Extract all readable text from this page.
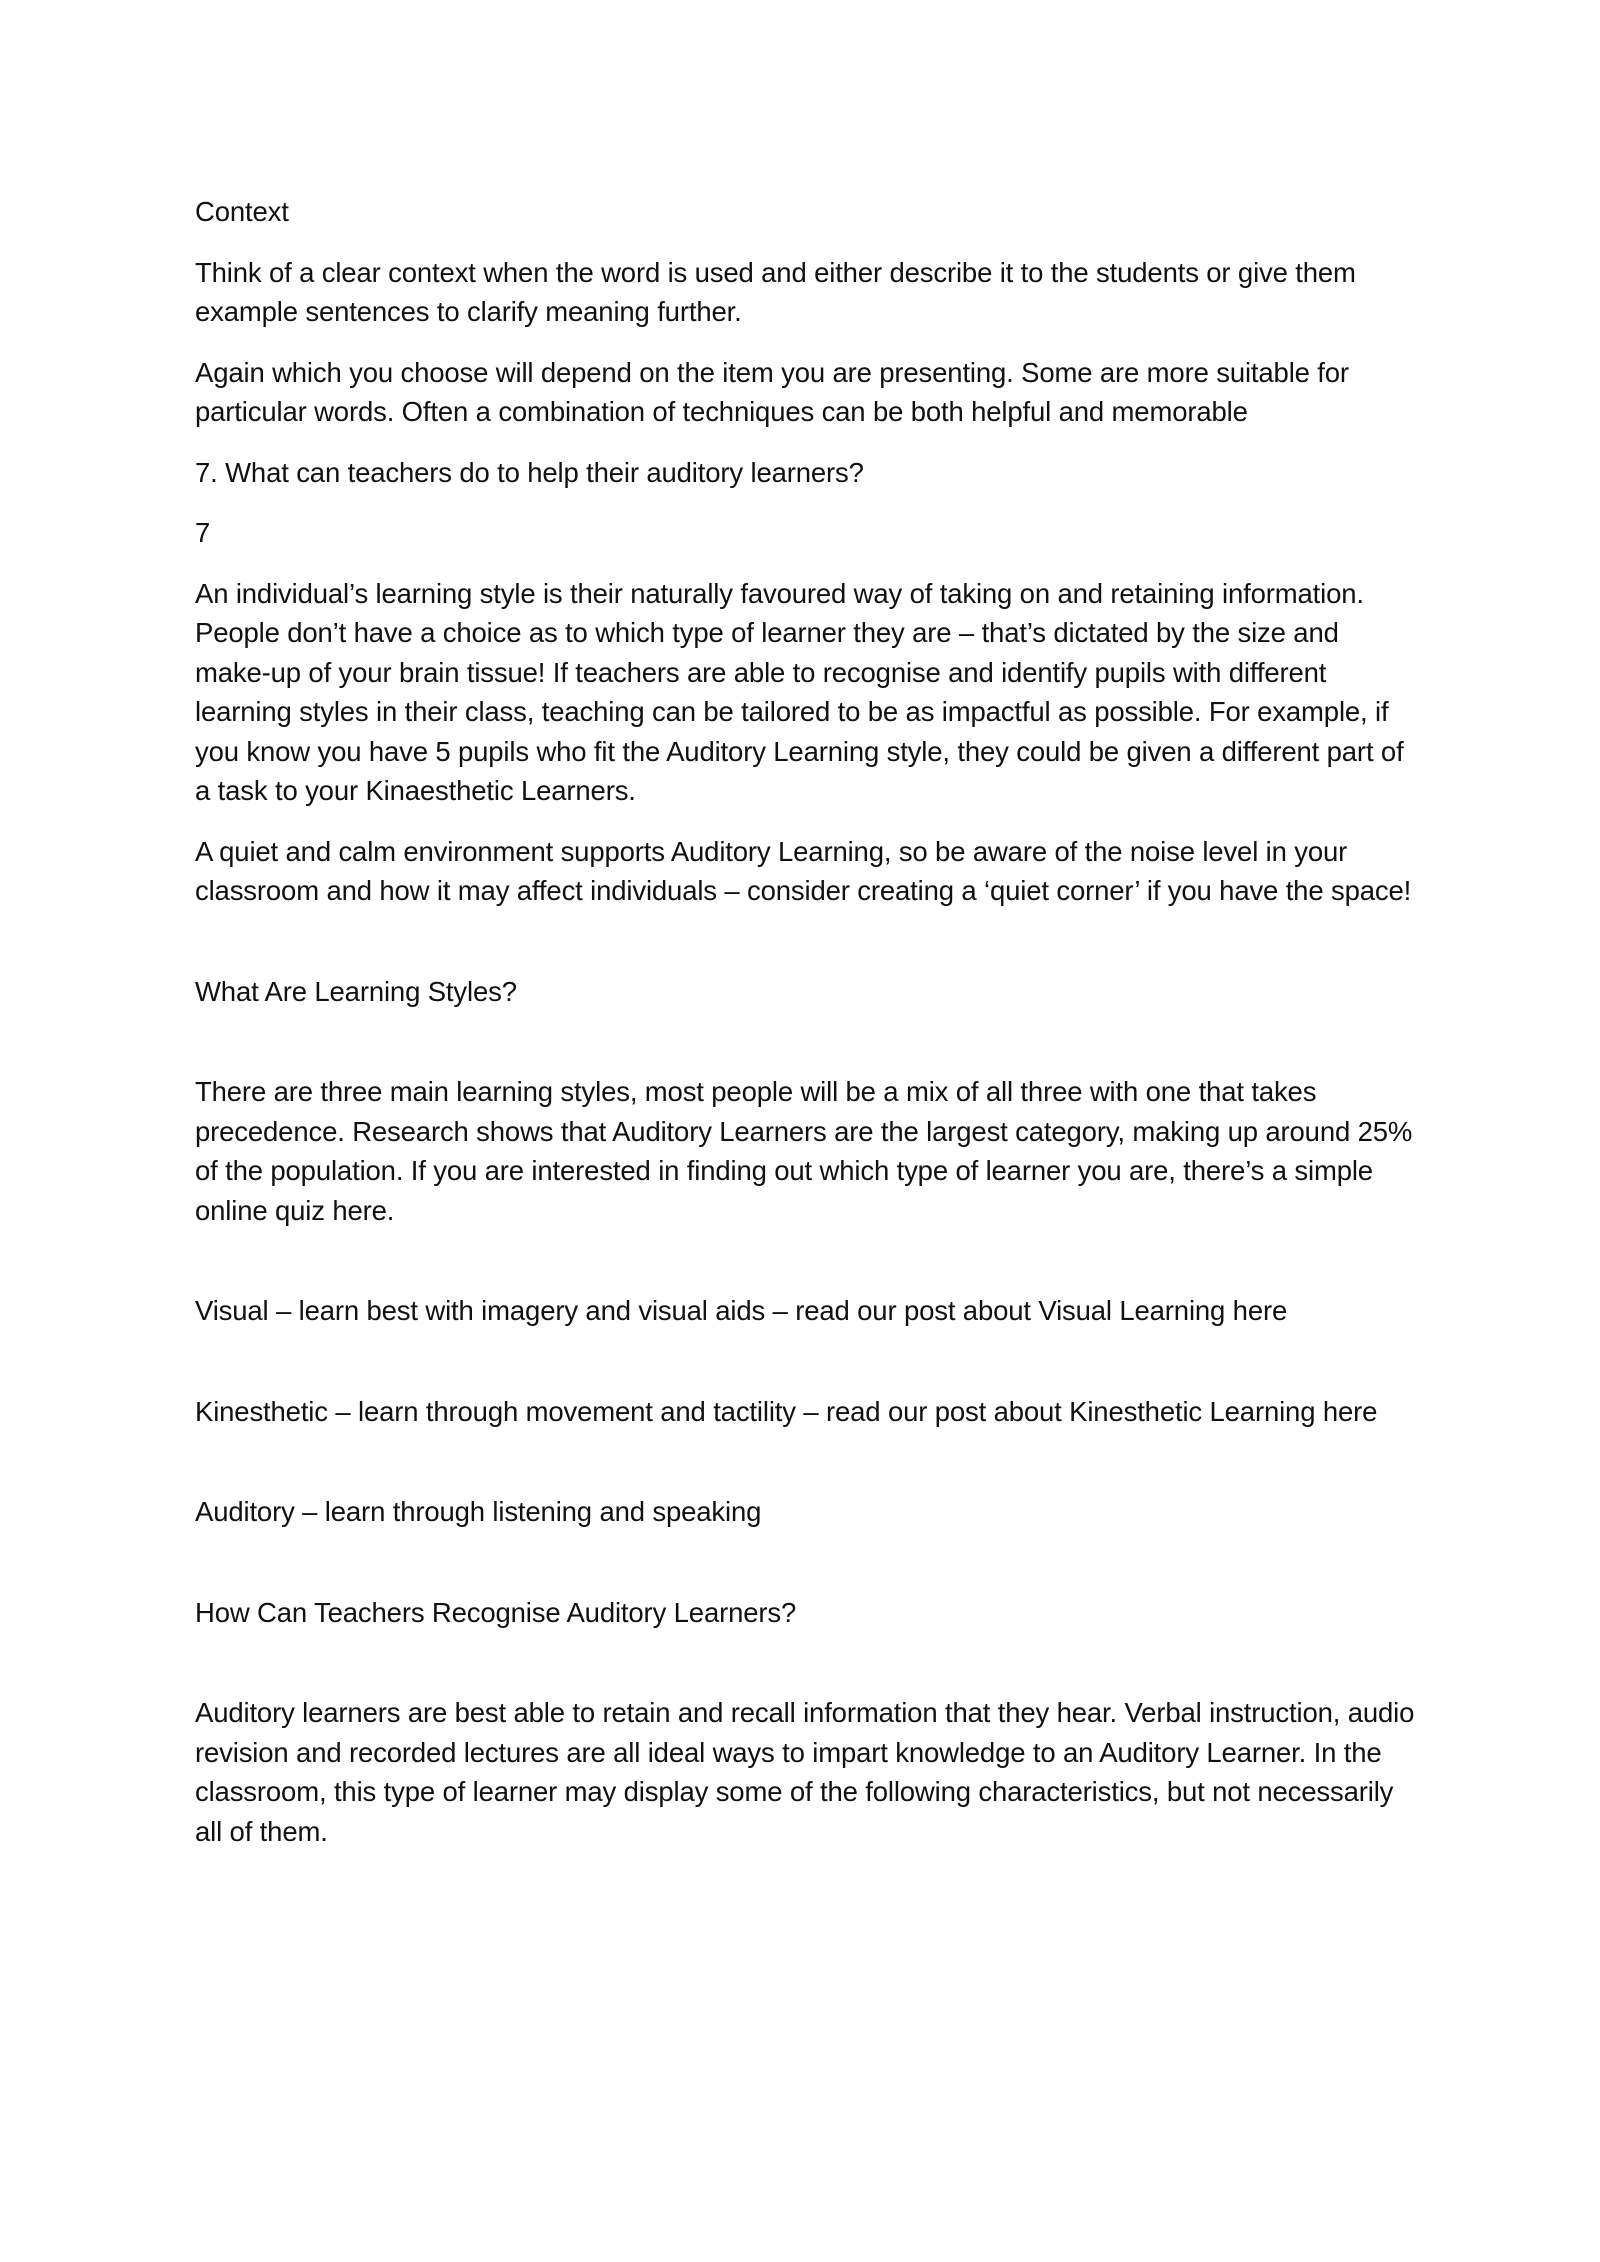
Context

Think of a clear context when the word is used and either describe it to the students or give them example sentences to clarify meaning further.

Again which you choose will depend on the item you are presenting. Some are more suitable for particular words. Often a combination of techniques can be both helpful and memorable

7. What can teachers do to help their auditory learners?

7

An individual’s learning style is their naturally favoured way of taking on and retaining information. People don’t have a choice as to which type of learner they are – that’s dictated by the size and make-up of your brain tissue! If teachers are able to recognise and identify pupils with different learning styles in their class, teaching can be tailored to be as impactful as possible. For example, if you know you have 5 pupils who fit the Auditory Learning style, they could be given a different part of a task to your Kinaesthetic Learners.

A quiet and calm environment supports Auditory Learning, so be aware of the noise level in your classroom and how it may affect individuals – consider creating a ‘quiet corner’ if you have the space!

What Are Learning Styles?

There are three main learning styles, most people will be a mix of all three with one that takes precedence. Research shows that Auditory Learners are the largest category, making up around 25% of the population. If you are interested in finding out which type of learner you are, there’s a simple online quiz here.

Visual – learn best with imagery and visual aids – read our post about Visual Learning here

Kinesthetic – learn through movement and tactility – read our post about Kinesthetic Learning here

Auditory – learn through listening and speaking

How Can Teachers Recognise Auditory Learners?

Auditory learners are best able to retain and recall information that they hear. Verbal instruction, audio revision and recorded lectures are all ideal ways to impart knowledge to an Auditory Learner. In the classroom, this type of learner may display some of the following characteristics, but not necessarily all of them.
